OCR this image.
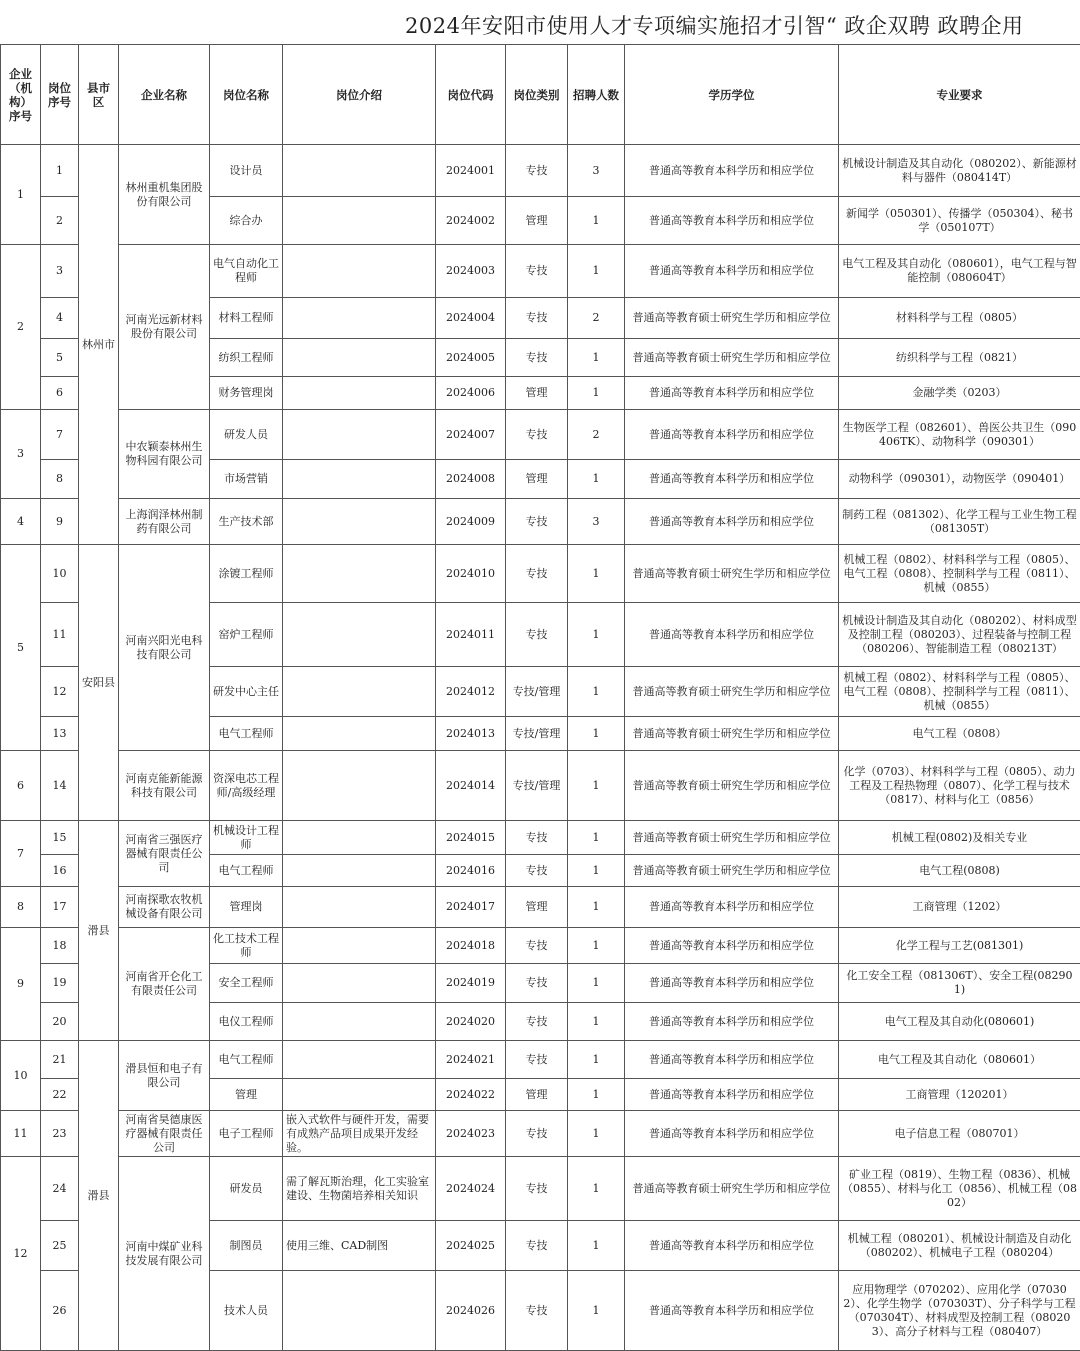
2024年安阳市使用人才专项编实施招才引智“ 政企双聘 政聘企用
企业（机构）序号	岗位序号	县市区	企业名称	岗位名称	岗位介绍	岗位代码	岗位类别	招聘人数	学历学位	专业要求
1	1	林州市	林州重机集团股份有限公司	设计员		2024001	专技	3	普通高等教育本科学历和相应学位	机械设计制造及其自动化（080202）、新能源材料与器件（080414T）
	2			综合办		2024002	管理	1	普通高等教育本科学历和相应学位	新闻学（050301）、传播学（050304）、秘书学（050107T）
2	3		河南光远新材料股份有限公司	电气自动化工程师		2024003	专技	1	普通高等教育本科学历和相应学位	电气工程及其自动化（080601），电气工程与智能控制（080604T）
	4			材料工程师		2024004	专技	2	普通高等教育硕士研究生学历和相应学位	材料科学与工程（0805）
	5			纺织工程师		2024005	专技	1	普通高等教育硕士研究生学历和相应学位	纺织科学与工程（0821）
	6			财务管理岗		2024006	管理	1	普通高等教育本科学历和相应学位	金融学类（0203）
3	7		中农颖泰林州生物科园有限公司	研发人员		2024007	专技	2	普通高等教育本科学历和相应学位	生物医学工程（082601）、兽医公共卫生（090406TK）、动物科学（090301）
	8			市场营销		2024008	管理	1	普通高等教育本科学历和相应学位	动物科学（090301），动物医学（090401）
4	9		上海润泽林州制药有限公司	生产技术部		2024009	专技	3	普通高等教育本科学历和相应学位	制药工程（081302）、化学工程与工业生物工程（081305T）
5	10	安阳县	河南兴阳光电科技有限公司	涂镀工程师		2024010	专技	1	普通高等教育硕士研究生学历和相应学位	机械工程（0802）、材料科学与工程（0805）、电气工程（0808）、控制科学与工程（0811）、机械（0855）
	11			窑炉工程师		2024011	专技	1	普通高等教育本科学历和相应学位	机械设计制造及其自动化（080202）、材料成型及控制工程（080203）、过程装备与控制工程（080206）、智能制造工程（080213T）
	12			研发中心主任		2024012	专技/管理	1	普通高等教育硕士研究生学历和相应学位	机械工程（0802）、材料科学与工程（0805）、电气工程（0808）、控制科学与工程（0811）、机械（0855）
	13			电气工程师		2024013	专技/管理	1	普通高等教育硕士研究生学历和相应学位	电气工程（0808）
6	14		河南克能新能源科技有限公司	资深电芯工程师/高级经理		2024014	专技/管理	1	普通高等教育硕士研究生学历和相应学位	化学（0703）、材料科学与工程（0805）、动力工程及工程热物理（0807）、化学工程与技术（0817）、材料与化工（0856）
7	15	滑县	河南省三强医疗器械有限责任公司	机械设计工程师		2024015	专技	1	普通高等教育硕士研究生学历和相应学位	机械工程(0802)及相关专业
	16			电气工程师		2024016	专技	1	普通高等教育硕士研究生学历和相应学位	电气工程(0808)
8	17		河南探歌农牧机械设备有限公司	管理岗		2024017	管理	1	普通高等教育本科学历和相应学位	工商管理（1202）
9	18		河南省开仑化工有限责任公司	化工技术工程师		2024018	专技	1	普通高等教育本科学历和相应学位	化学工程与工艺(081301)
	19			安全工程师		2024019	专技	1	普通高等教育本科学历和相应学位	化工安全工程（081306T）、安全工程(082901)
	20			电仪工程师		2024020	专技	1	普通高等教育本科学历和相应学位	电气工程及其自动化(080601)
10	21	滑县	滑县恒和电子有限公司	电气工程师		2024021	专技	1	普通高等教育本科学历和相应学位	电气工程及其自动化（080601）
	22			管理		2024022	管理	1	普通高等教育本科学历和相应学位	工商管理（120201）
11	23		河南省昊德康医疗器械有限责任公司	电子工程师	嵌入式软件与硬件开发，需要有成熟产品项目成果开发经验。	2024023	专技	1	普通高等教育本科学历和相应学位	电子信息工程（080701）
12	24		河南中煤矿业科技发展有限公司	研发员	需了解瓦斯治理，化工实验室建设、生物菌培养相关知识	2024024	专技	1	普通高等教育硕士研究生学历和相应学位	矿业工程（0819）、生物工程（0836）、机械（0855）、材料与化工（0856）、机械工程（0802）
	25			制图员	使用三维、CAD制图	2024025	专技	1	普通高等教育本科学历和相应学位	机械工程（080201）、机械设计制造及自动化（080202）、机械电子工程（080204）
	26			技术人员		2024026	专技	1	普通高等教育本科学历和相应学位	应用物理学（070202）、应用化学（070302）、化学生物学（070303T）、分子科学与工程（070304T）、材料成型及控制工程（080203）、高分子材料与工程（080407）
